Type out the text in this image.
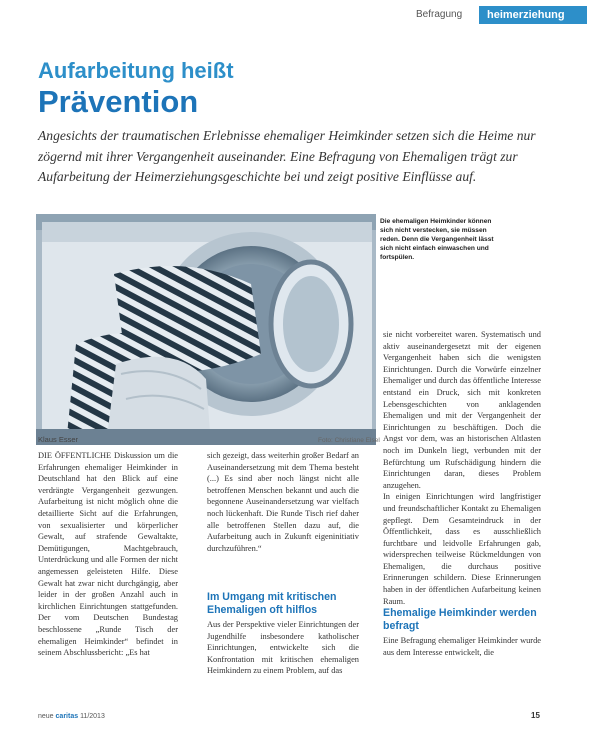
Befragung	heimerziehung
Aufarbeitung heißt
Prävention
Angesichts der traumatischen Erlebnisse ehemaliger Heimkinder setzen sich die Heime nur zögernd mit ihrer Vergangenheit auseinander. Eine Befragung von Ehemaligen trägt zur Aufarbeitung der Heimerziehungsgeschichte bei und zeigt positive Einflüsse auf.
Die ehemaligen Heimkinder können sich nicht verstecken, sie müssen reden. Denn die Vergangenheit lässt sich nicht einfach einwaschen und fortspülen.
Foto: Christiane Elsel
Klaus Esser

DIE ÖFFENTLICHE Diskussion um die Erfahrungen ehemaliger Heimkinder in Deutschland hat den Blick auf eine verdrängte Vergangenheit gezwungen. Aufarbeitung ist nicht möglich ohne die detaillierte Sicht auf die Erfahrungen, von sexualisierter und körperlicher Gewalt, auf strafende Gewaltakte, Demütigungen, Machtgebrauch, Unterdrückung und alle Formen der nicht angemessen geleisteten Hilfe. Diese Gewalt hat zwar nicht durchgängig, aber leider in der großen Anzahl auch in kirchlichen Einrichtungen stattgefunden. Der vom Deutschen Bundestag beschlossene „Runde Tisch der ehemaligen Heimkinder“ befindet in seinem Abschlussbericht: „Es hat

sich gezeigt, dass weiterhin großer Bedarf an Auseinandersetzung mit dem Thema besteht (...) Es sind aber noch längst nicht alle betroffenen Menschen bekannt und auch die begonnene Auseinandersetzung war vielfach noch lückenhaft. Die Runde Tisch rief daher alle betroffenen Stellen dazu auf, die Aufarbeitung auch in Zukunft eigeninitiativ durchzuführen.“

Im Umgang mit kritischen Ehemaligen oft hilflos

Aus der Perspektive vieler Einrichtungen der Jugendhilfe insbesondere katholischer Einrichtungen, entwickelte sich die Konfrontation mit kritischen ehemaligen Heimkindern zu einem Problem, auf das

sie nicht vorbereitet waren. Systematisch und aktiv auseinandergesetzt mit der eigenen Vergangenheit haben sich die wenigsten Einrichtungen. Durch die Vorwürfe einzelner Ehemaliger und durch das öffentliche Interesse entstand ein Druck, sich mit konkreten Lebensgeschichten von anklagenden Ehemaligen und mit der Vergangenheit der Einrichtungen zu beschäftigen. Doch die Angst vor dem, was an historischen Altlasten noch im Dunkeln liegt, verbunden mit der Befürchtung um Rufschädigung hindern die Einrichtungen daran, dieses Problem anzugehen.
In einigen Einrichtungen wird langfristiger und freundschaftlicher Kontakt zu Ehemaligen gepflegt. Dem Gesamteindruck in der Öffentlichkeit, dass es ausschließlich furchtbare und leidvolle Erfahrungen gab, widersprechen teilweise Rückmeldungen von Ehemaligen, die durchaus positive Erinnerungen schildern. Diese Erinnerungen haben in der öffentlichen Aufarbeitung keinen Raum.

Ehemalige Heimkinder werden befragt

Eine Befragung ehemaliger Heimkinder wurde aus dem Interesse entwickelt, die

neue caritas 11/2013	15
